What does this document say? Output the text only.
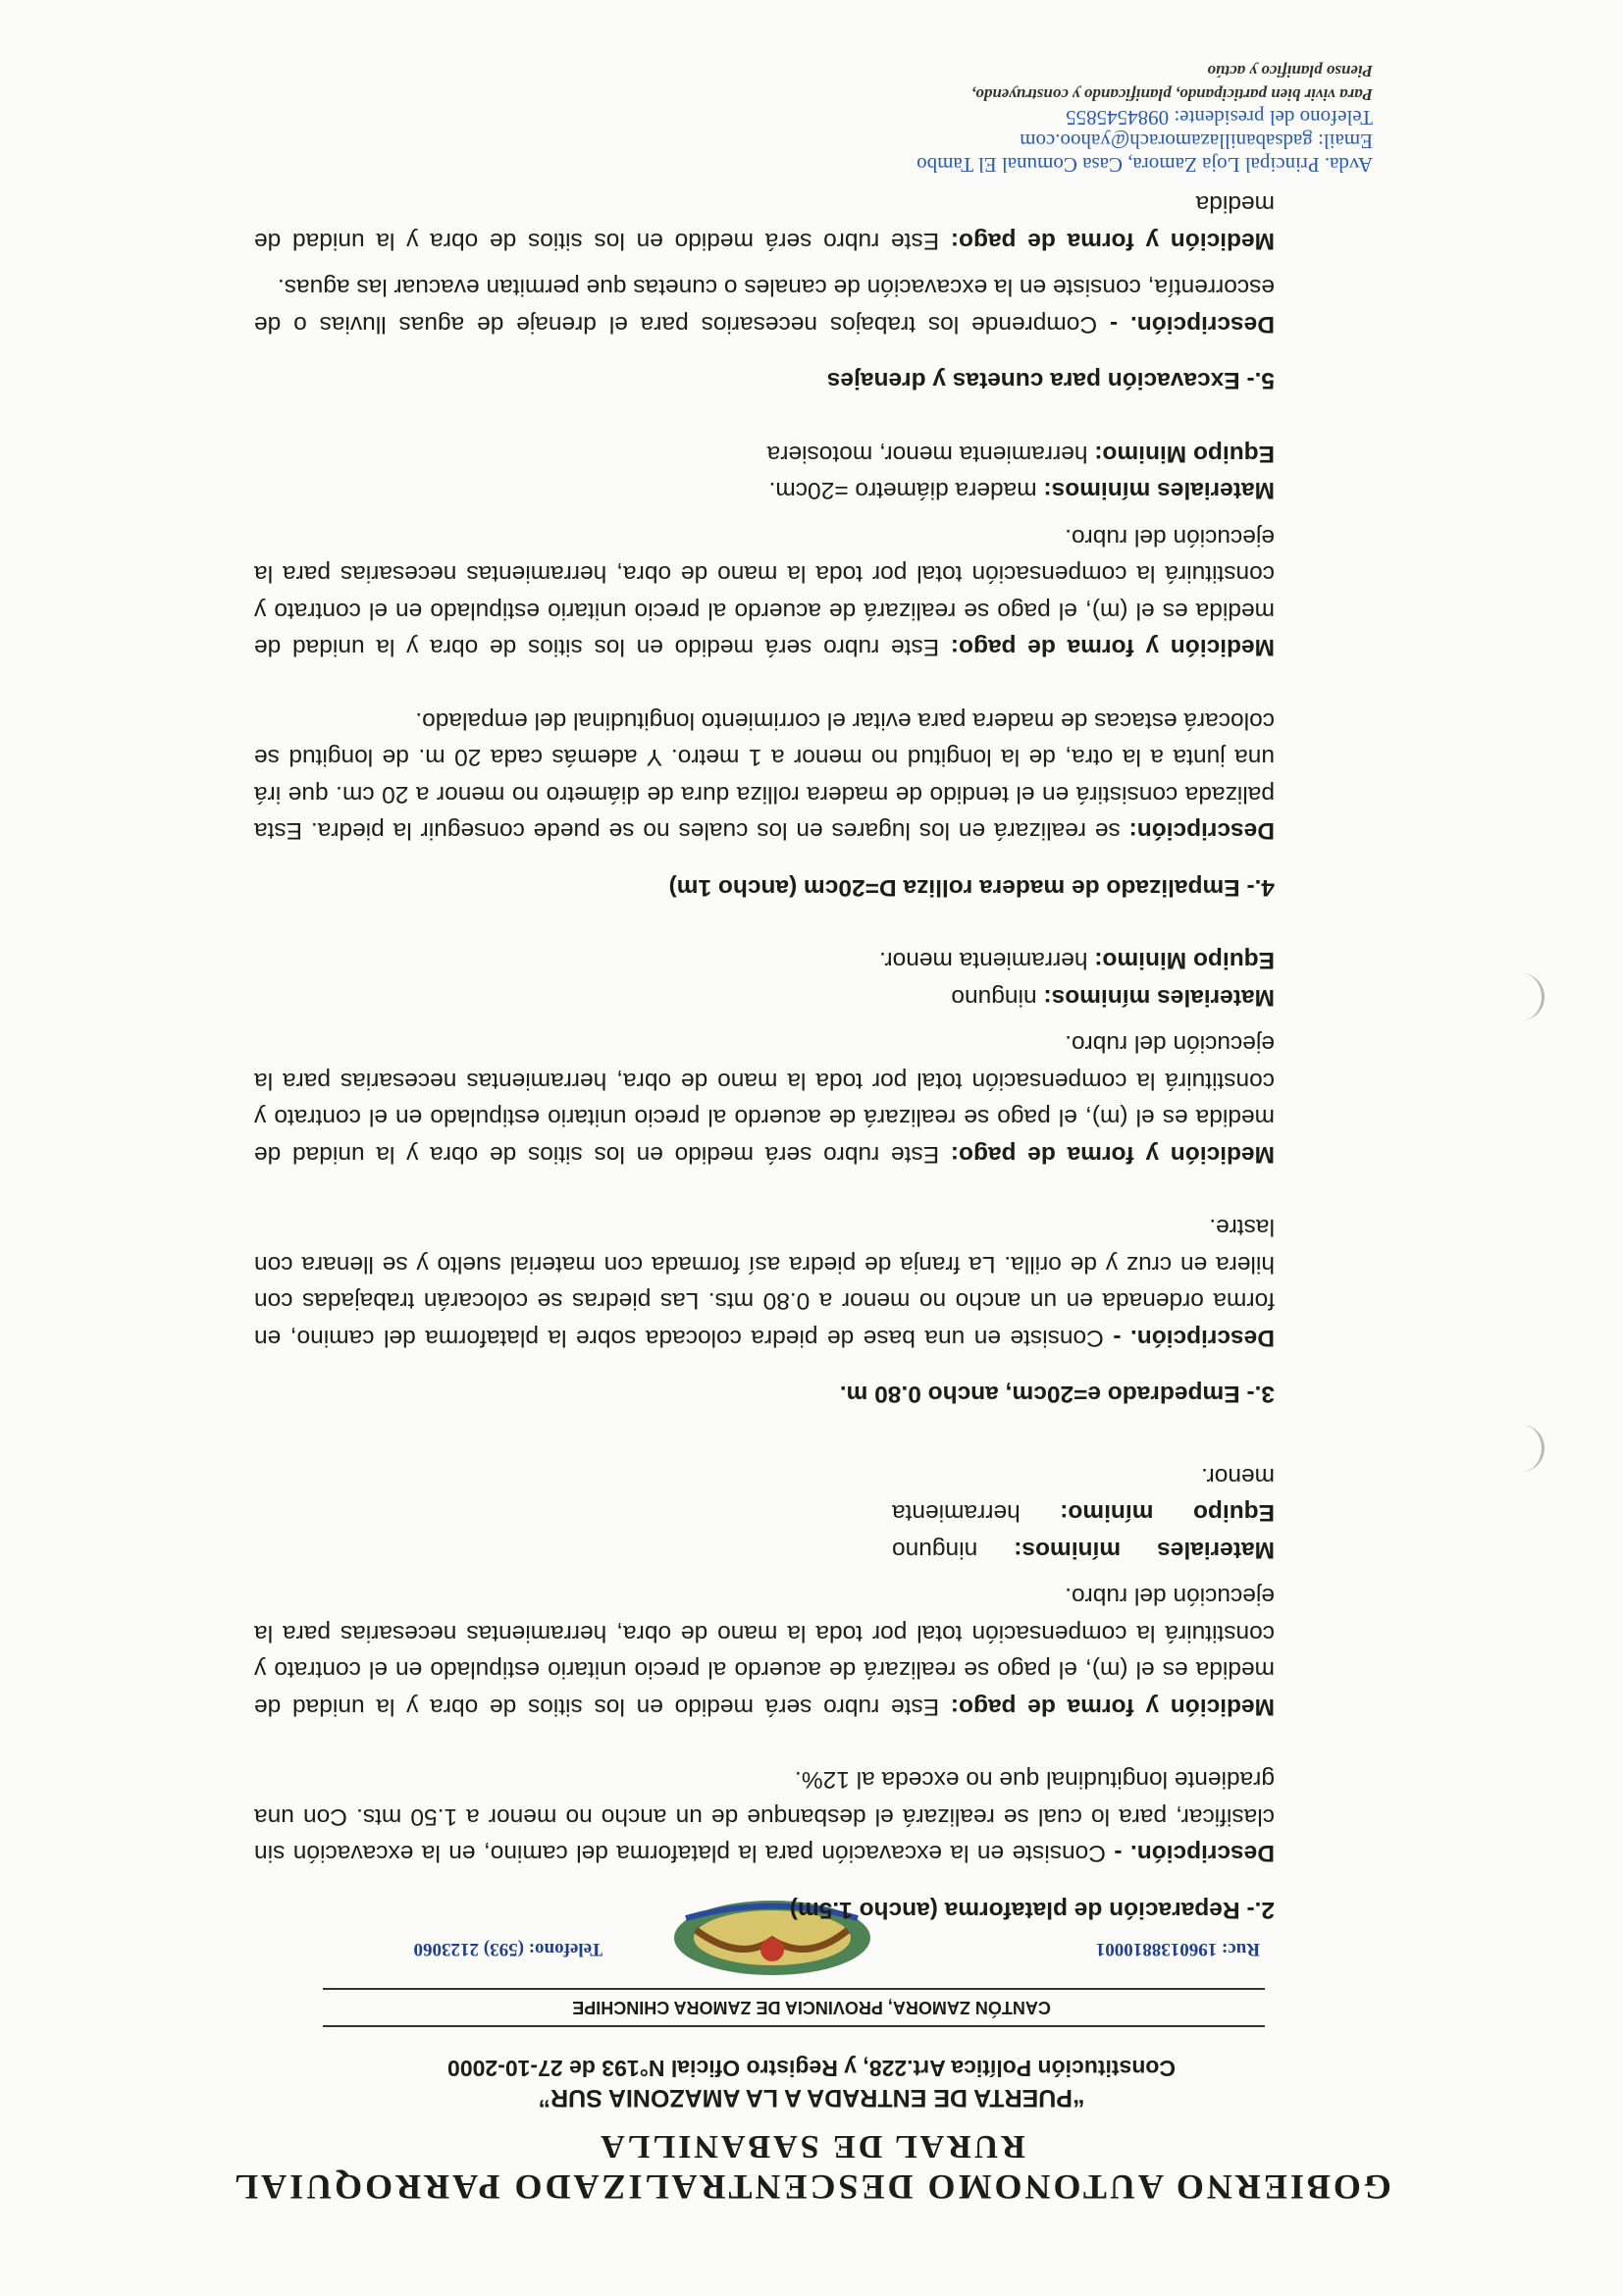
GOBIERNO AUTONOMO DESCENTRALIZADO PARROQUIAL
RURAL DE SABANILLA
“PUERTA DE ENTRADA A LA AMAZONIA SUR”
Constitución Política Art.228, y Registro Oficial N°193 de 27-10-2000
CANTÓN ZAMORA, PROVINCIA DE ZAMORA CHINCHIPE
Ruc: 1960138810001
Telefono: (593) 2123060

2.- Reparación de plataforma (ancho 1.5m)

Descripción. - Consiste en la excavación para la plataforma del camino, en la excavación sin clasificar, para lo cual se realizará el desbanque de un ancho no menor a 1.50 mts. Con una gradiente longitudinal que no exceda al 12%.

Medición y forma de pago: Este rubro será medido en los sitios de obra y la unidad de medida es el (m), el pago se realizará de acuerdo al precio unitario estipulado en el contrato y constituirá la compensación total por toda la mano de obra, herramientas necesarias para la ejecución del rubro.

Materiales mínimos: ninguno Equipo mínimo: herramienta menor.

3.- Empedrado e=20cm, ancho 0.80 m.

Descripción. - Consiste en una base de piedra colocada sobre la plataforma del camino, en forma ordenada en un ancho no menor a 0.80 mts. Las piedras se colocarán trabajadas con hilera en cruz y de orilla. La franja de piedra así formada con material suelto y se llenara con lastre.

Medición y forma de pago: Este rubro será medido en los sitios de obra y la unidad de medida es el (m), el pago se realizará de acuerdo al precio unitario estipulado en el contrato y constituirá la compensación total por toda la mano de obra, herramientas necesarias para la ejecución del rubro.

Materiales mínimos: ninguno

Equipo Minimo: herramienta menor.

4.- Empalizado de madera rolliza D=20cm (ancho 1m)

Descripción: se realizará en los lugares en los cuales no se puede conseguir la piedra. Esta palizada consistirá en el tendido de madera rolliza dura de diámetro no menor a 20 cm. que irá una junta a la otra, de la longitud no menor a 1 metro. Y además cada 20 m. de longitud se colocará estacas de madera para evitar el corrimiento longitudinal del empalado.

Medición y forma de pago: Este rubro será medido en los sitios de obra y la unidad de medida es el (m), el pago se realizará de acuerdo al precio unitario estipulado en el contrato y constituirá la compensación total por toda la mano de obra, herramientas necesarias para la ejecución del rubro.

Materiales mínimos: madera diámetro =20cm.

Equipo Minimo: herramienta menor, motosiera

5.- Excavación para cunetas y drenajes

Descripción. - Comprende los trabajos necesarios para el drenaje de aguas lluvias o de escorrentía, consiste en la excavación de canales o cunetas que permitan evacuar las aguas.

Medición y forma de pago: Este rubro será medido en los sitios de obra y la unidad de medida

Avda. Principal Loja Zamora, Casa Comunal El Tambo
Email: gadsabanillazamorach@yahoo.com
Telefono del presidente: 0984545855
Para vivir bien participando, planificando y construyendo,
Pienso planifico y actúo
